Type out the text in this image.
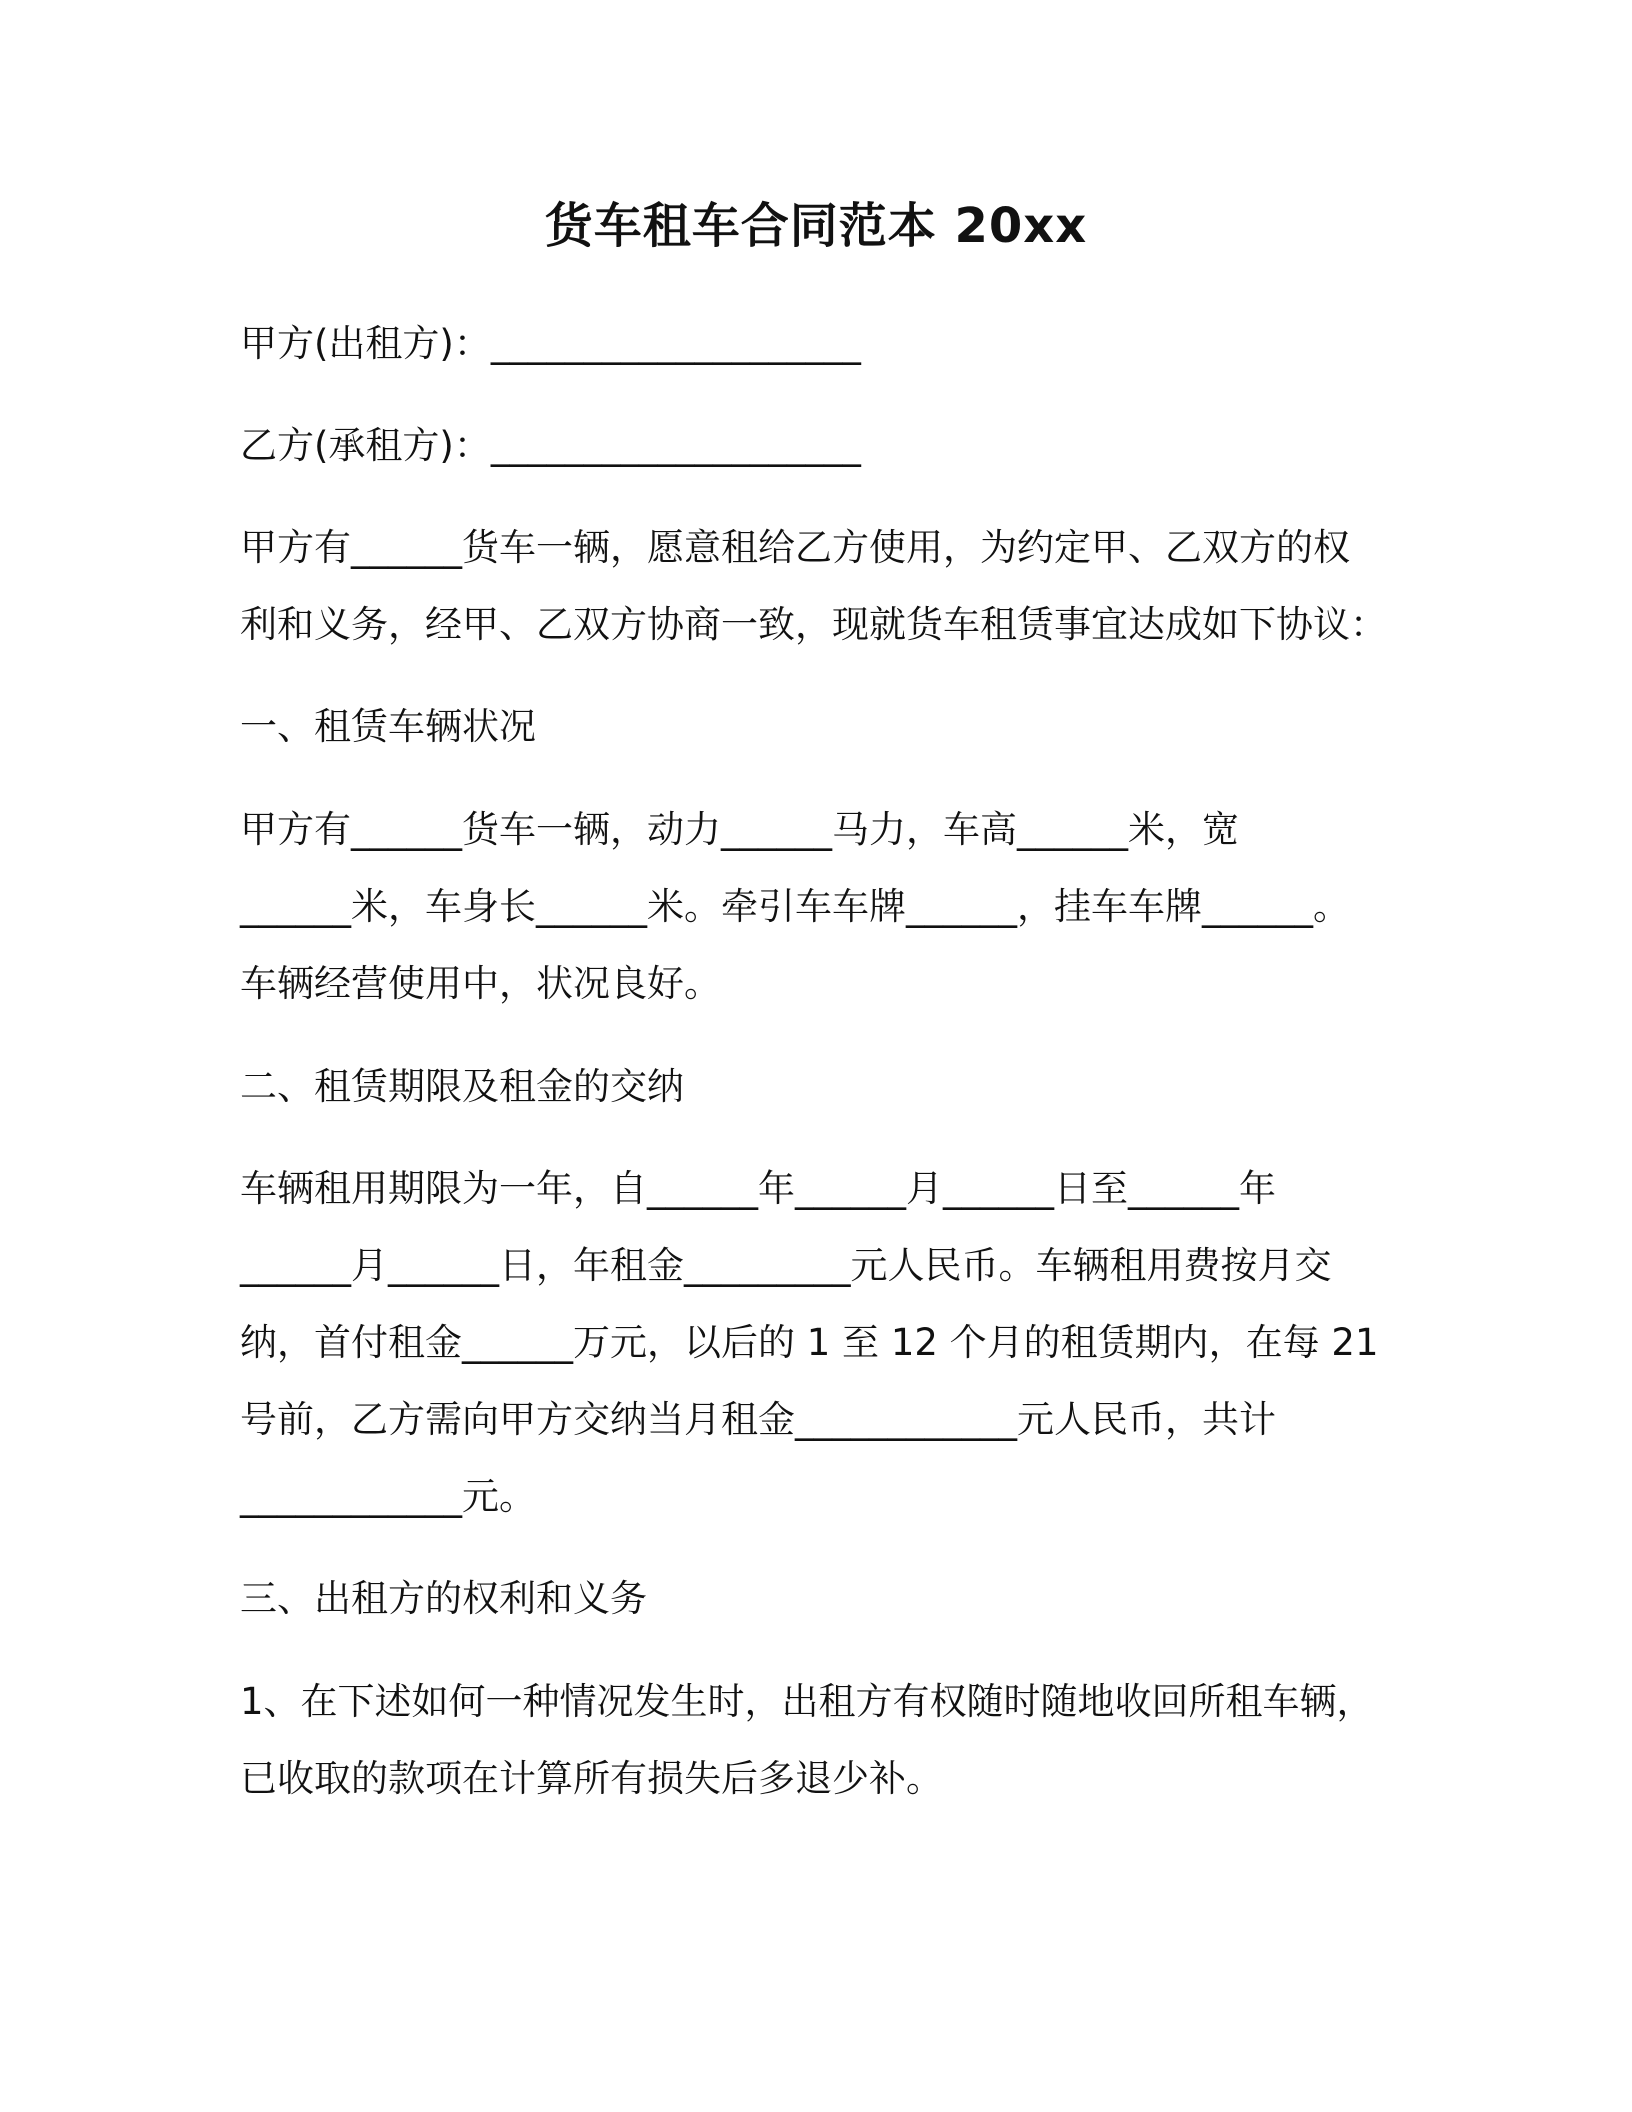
货车租车合同范本 20xx
甲方(出租方)：____________________
乙方(承租方)：____________________
甲方有______货车一辆，愿意租给乙方使用，为约定甲、乙双方的权
利和义务，经甲、乙双方协商一致，现就货车租赁事宜达成如下协议：
一、租赁车辆状况
甲方有______货车一辆，动力______马力，车高______米，宽
______米，车身长______米。牵引车车牌______，挂车车牌______。
车辆经营使用中，状况良好。
二、租赁期限及租金的交纳
车辆租用期限为一年，自______年______月______日至______年
______月______日，年租金_________元人民币。车辆租用费按月交
纳，首付租金______万元，以后的 1 至 12 个月的租赁期内，在每 21
号前，乙方需向甲方交纳当月租金____________元人民币，共计
____________元。
三、出租方的权利和义务
1、在下述如何一种情况发生时，出租方有权随时随地收回所租车辆，
已收取的款项在计算所有损失后多退少补。
